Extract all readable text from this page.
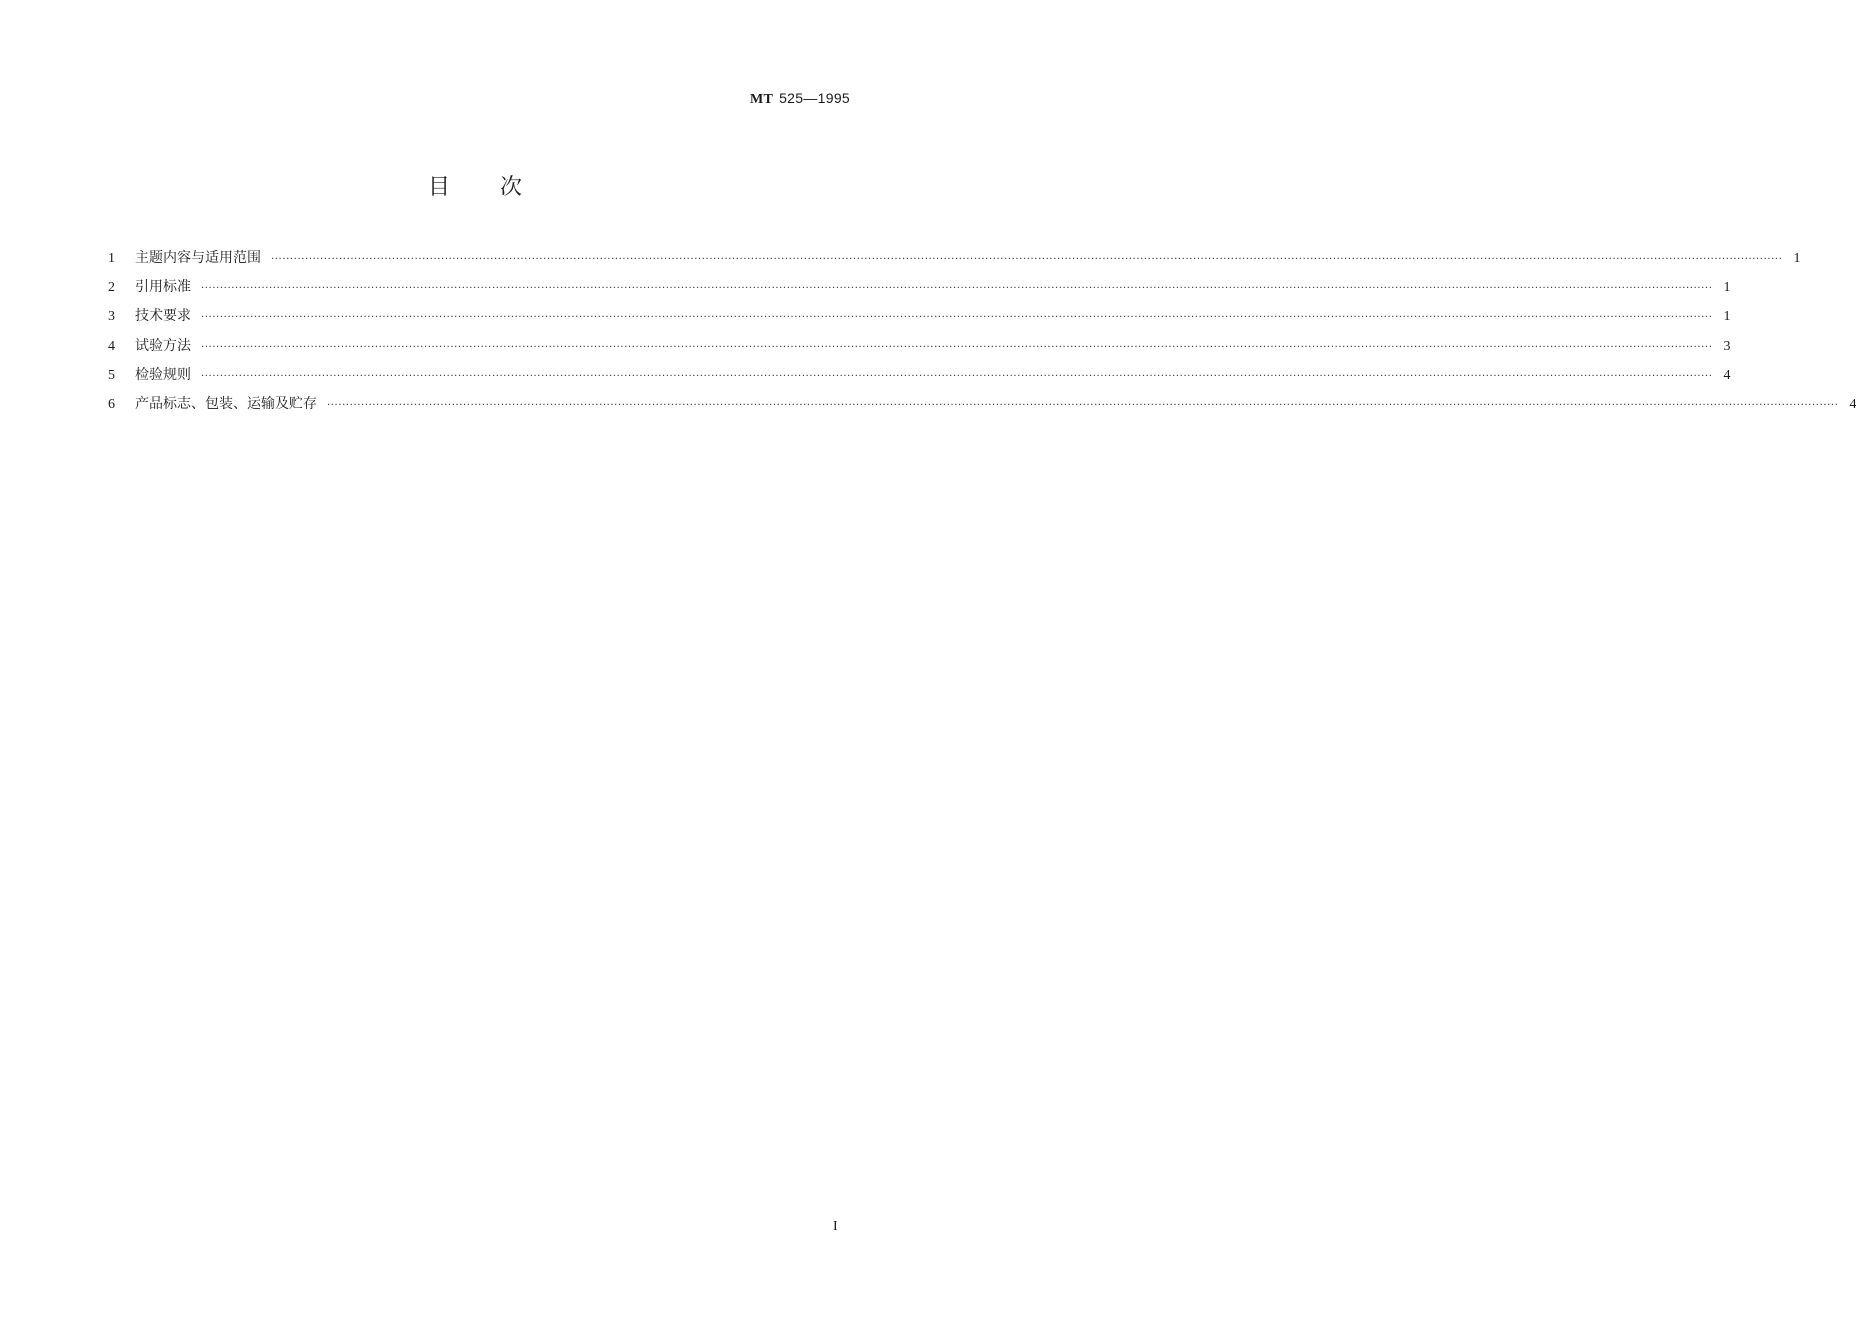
MT 525—1995
目次
1	主题内容与适用范围	················································································································································································································································································································································································································ 1
2	引用标准	················································································································································································································································································································································································································ 1
3	技术要求	················································································································································································································································································································································································································ 1
4	试验方法	················································································································································································································································································································································································································ 3
5	检验规则	················································································································································································································································································································································································································ 4
6	产品标志、包装、运输及贮存	················································································································································································································································································································································································································ 4
I
